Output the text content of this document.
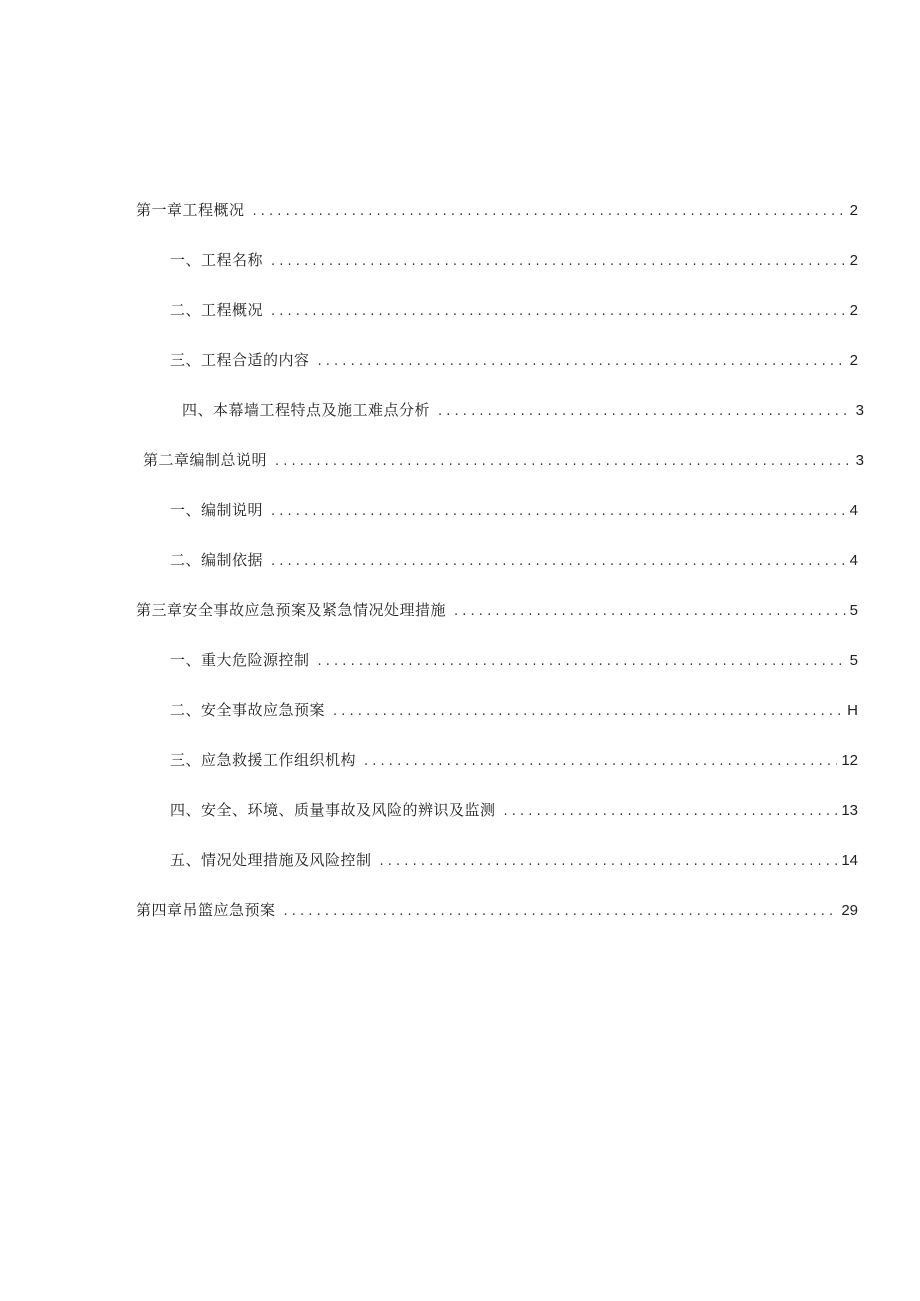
第一章工程概况 . . .	2
一、工程名称 . . .	2
二、工程概况 . . .	2
三、工程合适的内容 . . .	2
四、本幕墙工程特点及施工难点分析 . . .	3
第二章编制总说明 . . .	3
一、编制说明 . . .	4
二、编制依据 . . .	4
第三章安全事故应急预案及紧急情况处理措施 . . .	5
一、重大危险源控制 . . .	5
二、安全事故应急预案 . . .	H
三、应急救援工作组织机构 . . .	12
四、安全、环境、质量事故及风险的辨识及监测 . . .	13
五、情况处理措施及风险控制 . . .	14
第四章吊篮应急预案 . . .	29
